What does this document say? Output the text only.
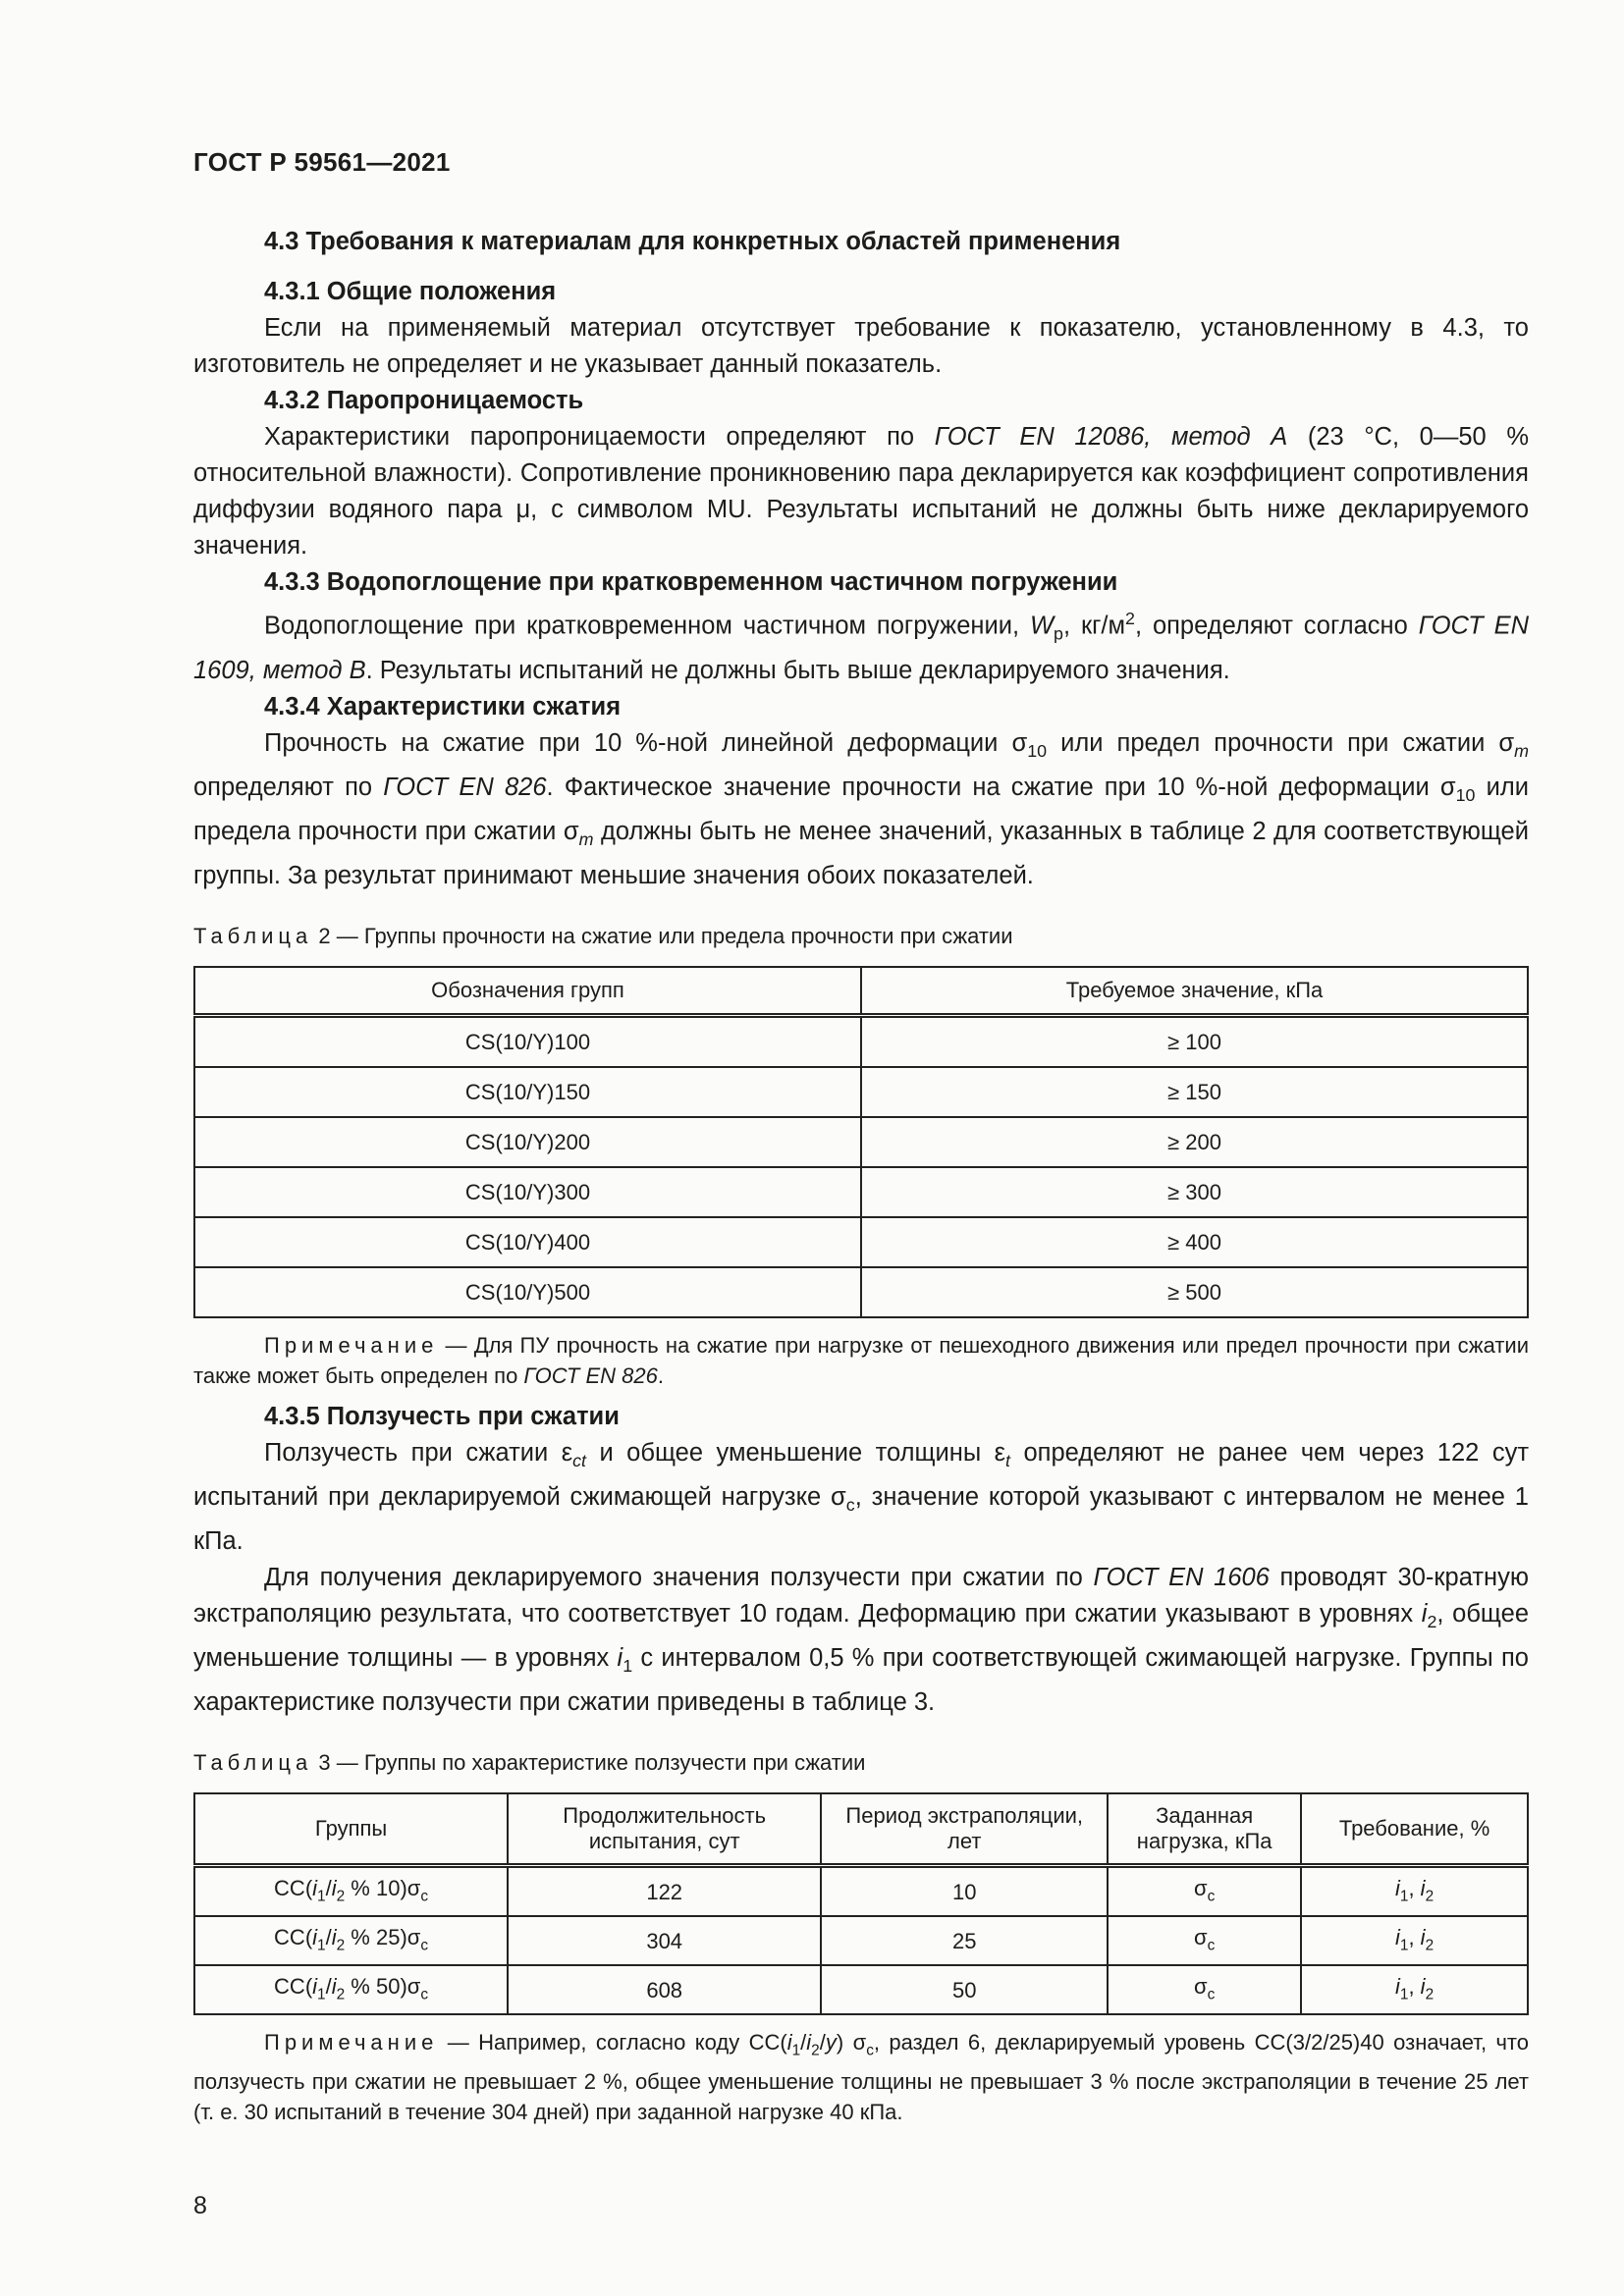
ГОСТ Р 59561—2021
4.3 Требования к материалам для конкретных областей применения
4.3.1 Общие положения

Если на применяемый материал отсутствует требование к показателю, установленному в 4.3, то изготовитель не определяет и не указывает данный показатель.

4.3.2 Паропроницаемость

Характеристики паропроницаемости определяют по ГОСТ EN 12086, метод A (23 °С, 0—50 % относительной влажности). Сопротивление проникновению пара декларируется как коэффициент сопротивления диффузии водяного пара μ, с символом MU. Результаты испытаний не должны быть ниже декларируемого значения.

4.3.3 Водопоглощение при кратковременном частичном погружении

Водопоглощение при кратковременном частичном погружении, $W_p$, $кг/м^2$, определяют согласно ГОСТ EN 1609, метод B. Результаты испытаний не должны быть выше декларируемого значения.

4.3.4 Характеристики сжатия

Прочность на сжатие при 10 %-ной линейной деформации $\sigma_{10}$ или предел прочности при сжатии $\sigma_m$ определяют по ГОСТ EN 826. Фактическое значение прочности на сжатие при 10 %-ной деформации $\sigma_{10}$ или предела прочности при сжатии $\sigma_m$ должны быть не менее значений, указанных в таблице 2 для соответствующей группы. За результат принимают меньшие значения обоих показателей.

Таблица 2 — Группы прочности на сжатие или предела прочности при сжатии
Обозначения групп	Требуемое значение, кПа
CS(10/Y)100	≥ 100
CS(10/Y)150	≥ 150
CS(10/Y)200	≥ 200
CS(10/Y)300	≥ 300
CS(10/Y)400	≥ 400
CS(10/Y)500	≥ 500
Примечание — Для ПУ прочность на сжатие при нагрузке от пешеходного движения или предел прочности при сжатии также может быть определен по ГОСТ EN 826.
4.3.5 Ползучесть при сжатии

Ползучесть при сжатии $\varepsilon_{ct}$ и общее уменьшение толщины $\varepsilon_t$ определяют не ранее чем через 122 сут испытаний при декларируемой сжимающей нагрузке $\sigma_c$, значение которой указывают с интервалом не менее 1 кПа.

Для получения декларируемого значения ползучести при сжатии по ГОСТ EN 1606 проводят 30-кратную экстраполяцию результата, что соответствует 10 годам. Деформацию при сжатии указывают в уровнях $i_2$, общее уменьшение толщины — в уровнях $i_1$ с интервалом 0,5 % при соответствующей сжимающей нагрузке. Группы по характеристике ползучести при сжатии приведены в таблице 3.

Таблица 3 — Группы по характеристике ползучести при сжатии
Группы	Продолжительность испытания, сут	Период экстраполяции, лет	Заданная нагрузка, кПа	Требование, %
$CC(i_1/i_2$ % $10)\sigma_c$	122	10	$\sigma_c$	$i_1$, $i_2$
$CC(i_1/i_2$ % $25)\sigma_c$	304	25	$\sigma_c$	$i_1$, $i_2$
$CC(i_1/i_2$ % $50)\sigma_c$	608	50	$\sigma_c$	$i_1$, $i_2$
Примечание — Например, согласно коду $CC(i_1/i_2/y)$ $\sigma_c$, раздел 6, декларируемый уровень CC(3/2/25)40 означает, что ползучесть при сжатии не превышает 2 %, общее уменьшение толщины не превышает 3 % после экстраполяции в течение 25 лет (т. е. 30 испытаний в течение 304 дней) при заданной нагрузке 40 кПа.
8
